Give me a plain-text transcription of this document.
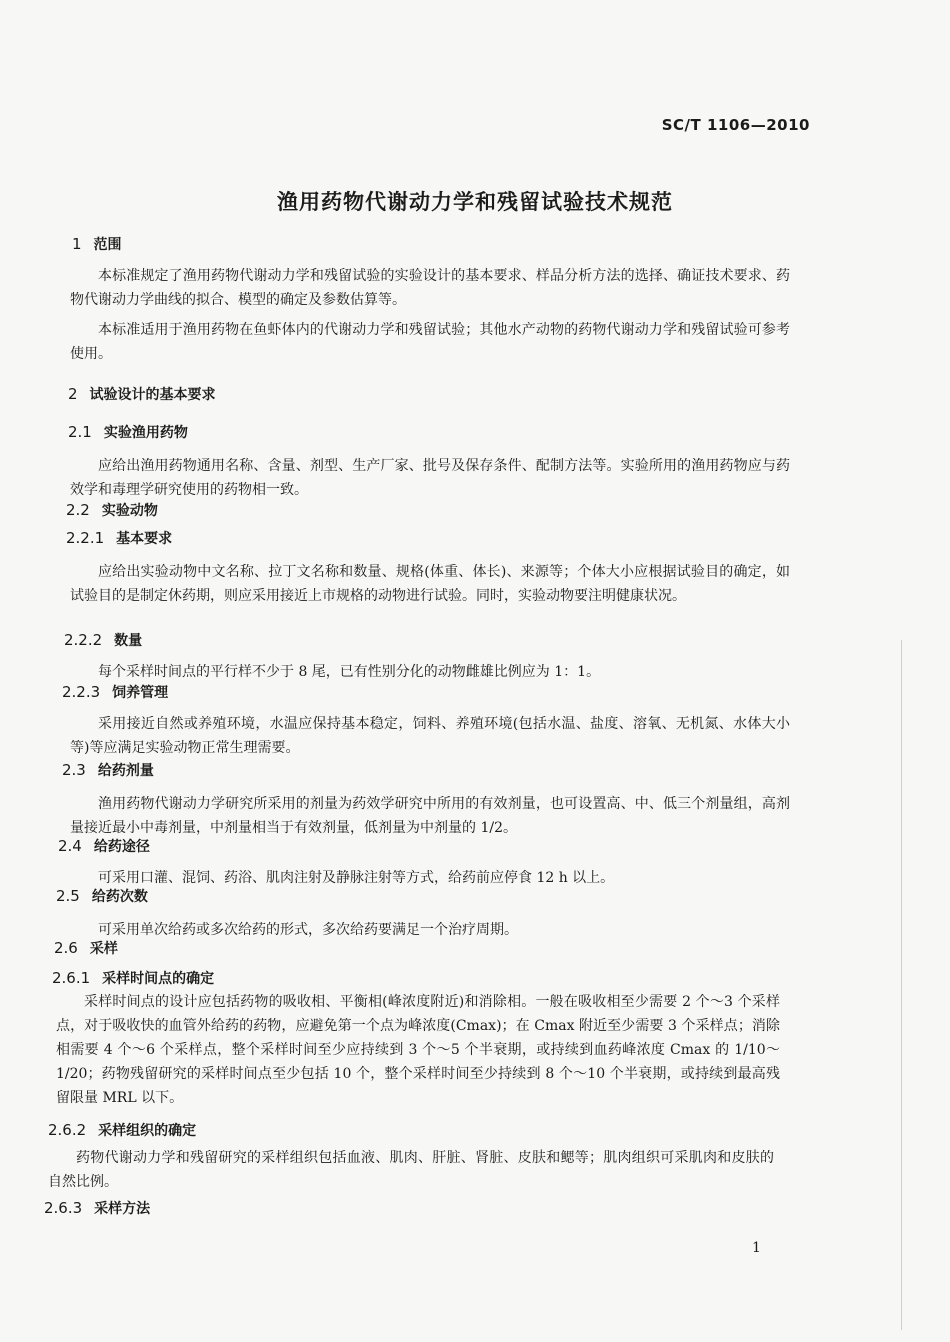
SC/T 1106—2010
渔用药物代谢动力学和残留试验技术规范
1 范围
本标准规定了渔用药物代谢动力学和残留试验的实验设计的基本要求、样品分析方法的选择、确证技术要求、药物代谢动力学曲线的拟合、模型的确定及参数估算等。
本标准适用于渔用药物在鱼虾体内的代谢动力学和残留试验；其他水产动物的药物代谢动力学和残留试验可参考使用。
2 试验设计的基本要求
2.1 实验渔用药物
应给出渔用药物通用名称、含量、剂型、生产厂家、批号及保存条件、配制方法等。实验所用的渔用药物应与药效学和毒理学研究使用的药物相一致。
2.2 实验动物
2.2.1 基本要求
应给出实验动物中文名称、拉丁文名称和数量、规格(体重、体长)、来源等；个体大小应根据试验目的确定，如试验目的是制定休药期，则应采用接近上市规格的动物进行试验。同时，实验动物要注明健康状况。
2.2.2 数量
每个采样时间点的平行样不少于 8 尾，已有性别分化的动物雌雄比例应为 1：1。
2.2.3 饲养管理
采用接近自然或养殖环境，水温应保持基本稳定，饲料、养殖环境(包括水温、盐度、溶氧、无机氮、水体大小等)等应满足实验动物正常生理需要。
2.3 给药剂量
渔用药物代谢动力学研究所采用的剂量为药效学研究中所用的有效剂量，也可设置高、中、低三个剂量组，高剂量接近最小中毒剂量，中剂量相当于有效剂量，低剂量为中剂量的 1/2。
2.4 给药途径
可采用口灌、混饲、药浴、肌肉注射及静脉注射等方式，给药前应停食 12 h 以上。
2.5 给药次数
可采用单次给药或多次给药的形式，多次给药要满足一个治疗周期。
2.6 采样
2.6.1 采样时间点的确定
采样时间点的设计应包括药物的吸收相、平衡相(峰浓度附近)和消除相。一般在吸收相至少需要 2 个～3 个采样点，对于吸收快的血管外给药的药物，应避免第一个点为峰浓度(Cmax)；在 Cmax 附近至少需要 3 个采样点；消除相需要 4 个～6 个采样点，整个采样时间至少应持续到 3 个～5 个半衰期，或持续到血药峰浓度 Cmax 的 1/10～1/20；药物残留研究的采样时间点至少包括 10 个，整个采样时间至少持续到 8 个～10 个半衰期，或持续到最高残留限量 MRL 以下。
2.6.2 采样组织的确定
药物代谢动力学和残留研究的采样组织包括血液、肌肉、肝脏、肾脏、皮肤和鳃等；肌肉组织可采肌肉和皮肤的自然比例。
2.6.3 采样方法
1
